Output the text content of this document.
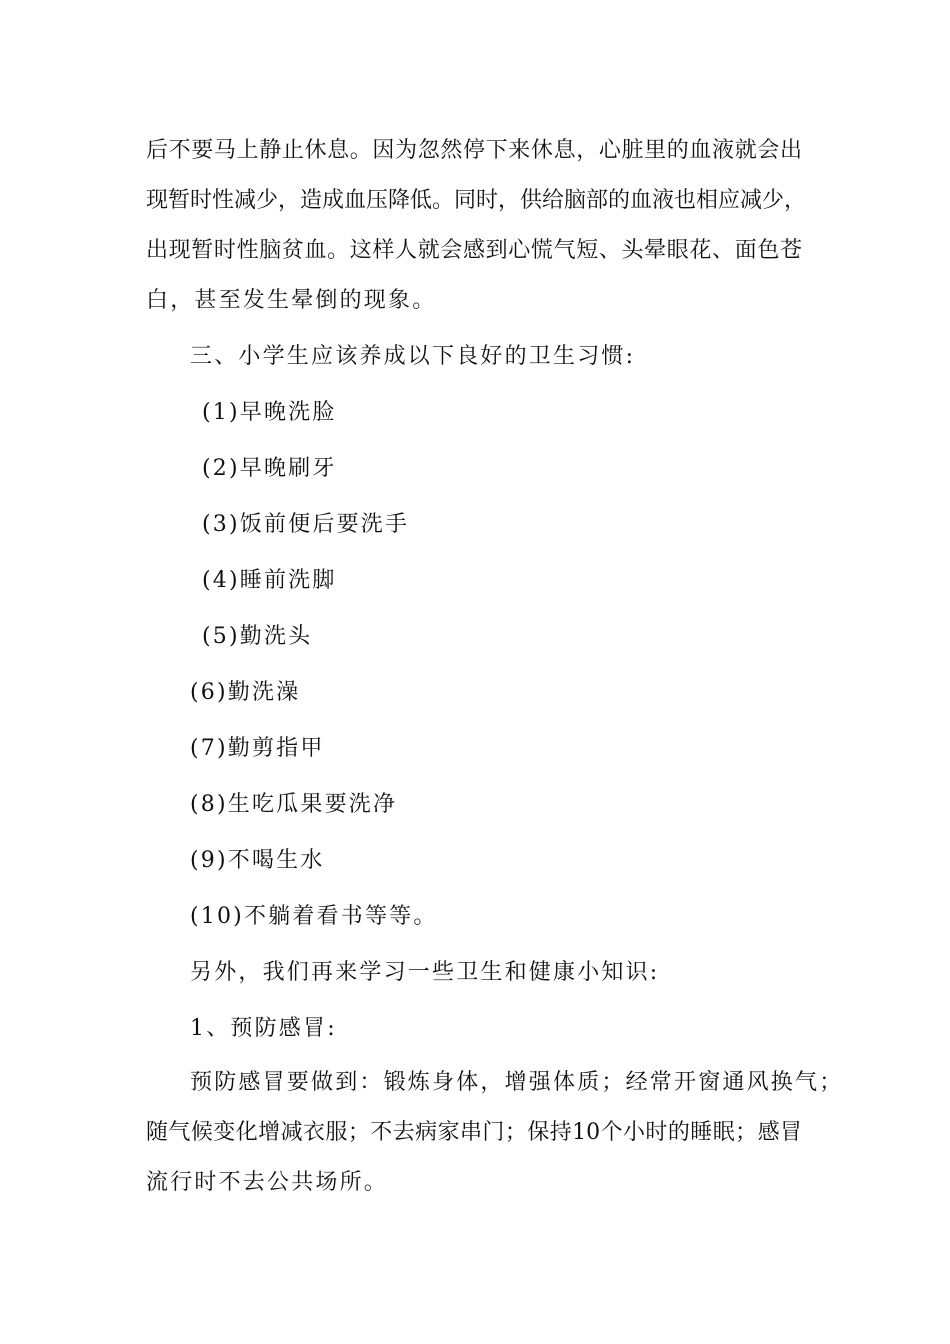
后不要马上静止休息。因为忽然停下来休息，心脏里的血液就会出
现暂时性减少，造成血压降低。同时，供给脑部的血液也相应减少，
出现暂时性脑贫血。这样人就会感到心慌气短、头晕眼花、面色苍
白，甚至发生晕倒的现象。
三、小学生应该养成以下良好的卫生习惯:
(1)早晚洗脸
(2)早晚刷牙
(3)饭前便后要洗手
(4)睡前洗脚
(5)勤洗头
(6)勤洗澡
(7)勤剪指甲
(8)生吃瓜果要洗净
(9)不喝生水
(10)不躺着看书等等。
另外，我们再来学习一些卫生和健康小知识:
1、预防感冒:
预防感冒要做到：锻炼身体，增强体质；经常开窗通风换气；
随气候变化增减衣服；不去病家串门；保持10个小时的睡眠；感冒
流行时不去公共场所。
